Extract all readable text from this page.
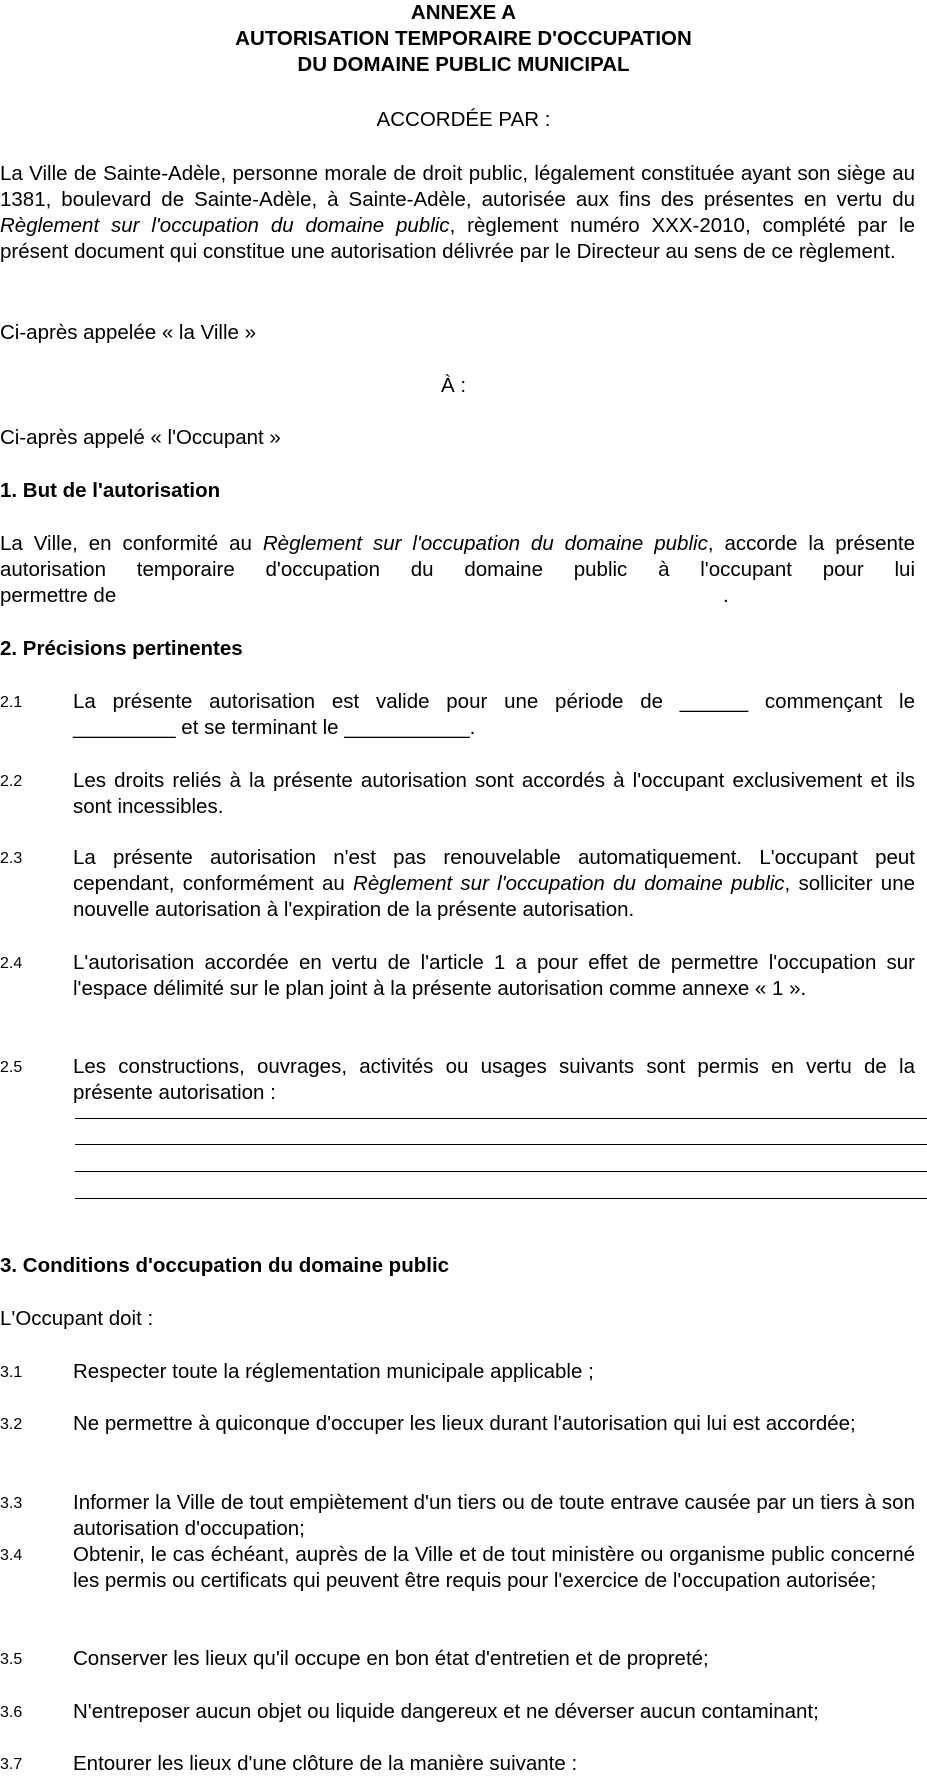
ANNEXE A
AUTORISATION TEMPORAIRE D'OCCUPATION
DU DOMAINE PUBLIC MUNICIPAL
ACCORDÉE PAR :
La Ville de Sainte-Adèle, personne morale de droit public, légalement constituée ayant son siège au 1381, boulevard de Sainte-Adèle, à Sainte-Adèle, autorisée aux fins des présentes en vertu du Règlement sur l'occupation du domaine public, règlement numéro XXX-2010, complété par le présent document qui constitue une autorisation délivrée par le Directeur au sens de ce règlement.
Ci-après appelée « la Ville »
À :
Ci-après appelé « l'Occupant »
1. But de l'autorisation
La Ville, en conformité au Règlement sur l'occupation du domaine public, accorde la présente autorisation temporaire d'occupation du domaine public à l'occupant pour lui
permettre de	.
2. Précisions pertinentes
2.1 La présente autorisation est valide pour une période de ______ commençant le
_________ et se terminant le ___________.
2.2 Les droits reliés à la présente autorisation sont accordés à l'occupant exclusivement et ils sont incessibles.
2.3 La présente autorisation n'est pas renouvelable automatiquement. L'occupant peut cependant, conformément au Règlement sur l'occupation du domaine public, solliciter une nouvelle autorisation à l'expiration de la présente autorisation.
2.4 L'autorisation accordée en vertu de l'article 1 a pour effet de permettre l'occupation sur l'espace délimité sur le plan joint à la présente autorisation comme annexe « 1 ».
2.5 Les constructions, ouvrages, activités ou usages suivants sont permis en vertu de la présente autorisation :
3. Conditions d'occupation du domaine public
L'Occupant doit :
3.1 Respecter toute la réglementation municipale applicable ;
3.2 Ne permettre à quiconque d'occuper les lieux durant l'autorisation qui lui est accordée;
3.3 Informer la Ville de tout empiètement d'un tiers ou de toute entrave causée par un tiers à son autorisation d'occupation;
3.4 Obtenir, le cas échéant, auprès de la Ville et de tout ministère ou organisme public concerné les permis ou certificats qui peuvent être requis pour l'exercice de l'occupation autorisée;
3.5 Conserver les lieux qu'il occupe en bon état d'entretien et de propreté;
3.6 N'entreposer aucun objet ou liquide dangereux et ne déverser aucun contaminant;
3.7 Entourer les lieux d'une clôture de la manière suivante :
